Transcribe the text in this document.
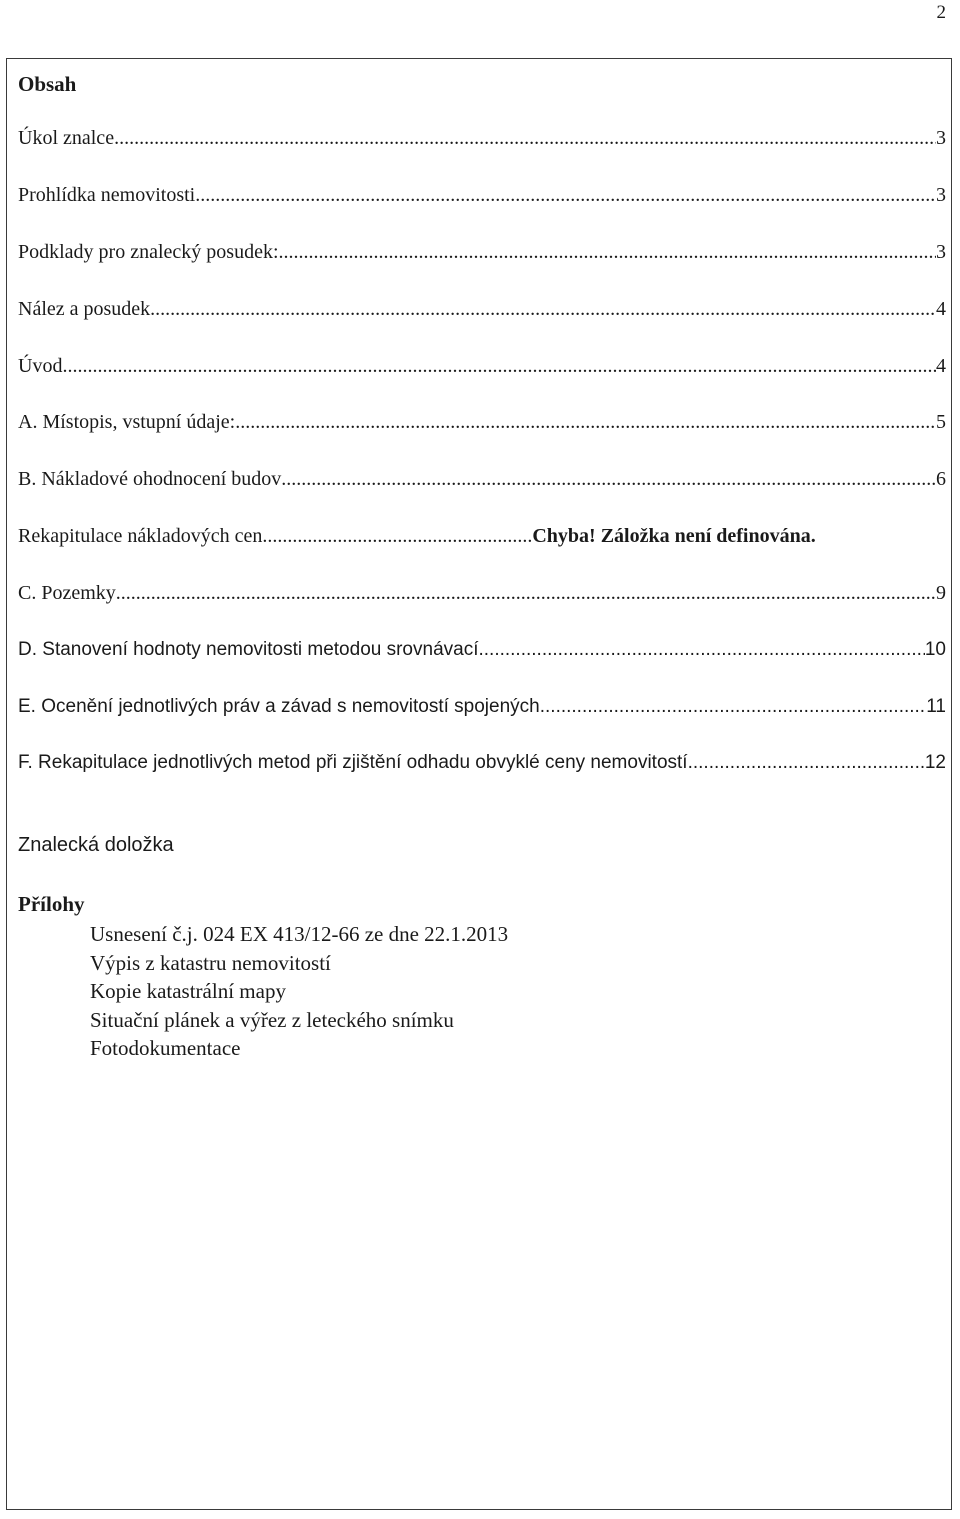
2
Obsah
Úkol znalce .....	3
Prohlídka nemovitosti .....	3
Podklady pro znalecký posudek: .....	3
Nález a posudek .....	4
Úvod .....	4
A. Místopis, vstupní údaje: .....	5
B. Nákladové ohodnocení budov .....	6
Rekapitulace nákladových cen .....	Chyba! Záložka není definována.
C. Pozemky .....	9
D. Stanovení hodnoty nemovitosti metodou srovnávací .....	10
E. Ocenění jednotlivých práv a závad s nemovitostí spojených .....	11
F. Rekapitulace jednotlivých metod při zjištění odhadu obvyklé ceny nemovitostí .....	12
Znalecká doložka
Přílohy
Usnesení č.j. 024 EX 413/12-66 ze dne 22.1.2013
Výpis z katastru nemovitostí
Kopie katastrální mapy
Situační plánek a výřez z leteckého snímku
Fotodokumentace
